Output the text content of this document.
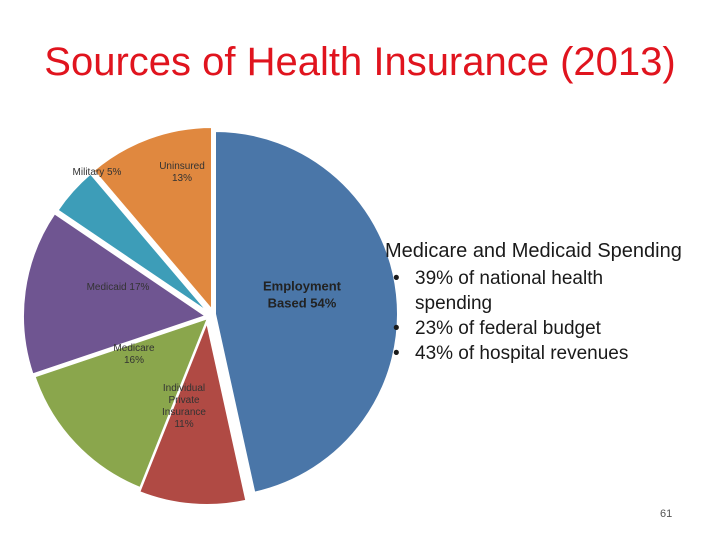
Sources of Health Insurance (2013)
Employment Based 54%
Individual Private Insurance 11%
Medicare 16%
Medicaid 17%
Military 5%
Uninsured 13%
Medicare and Medicaid Spending
• 39% of national health spending
• 23% of federal budget
• 43% of hospital revenues
61
